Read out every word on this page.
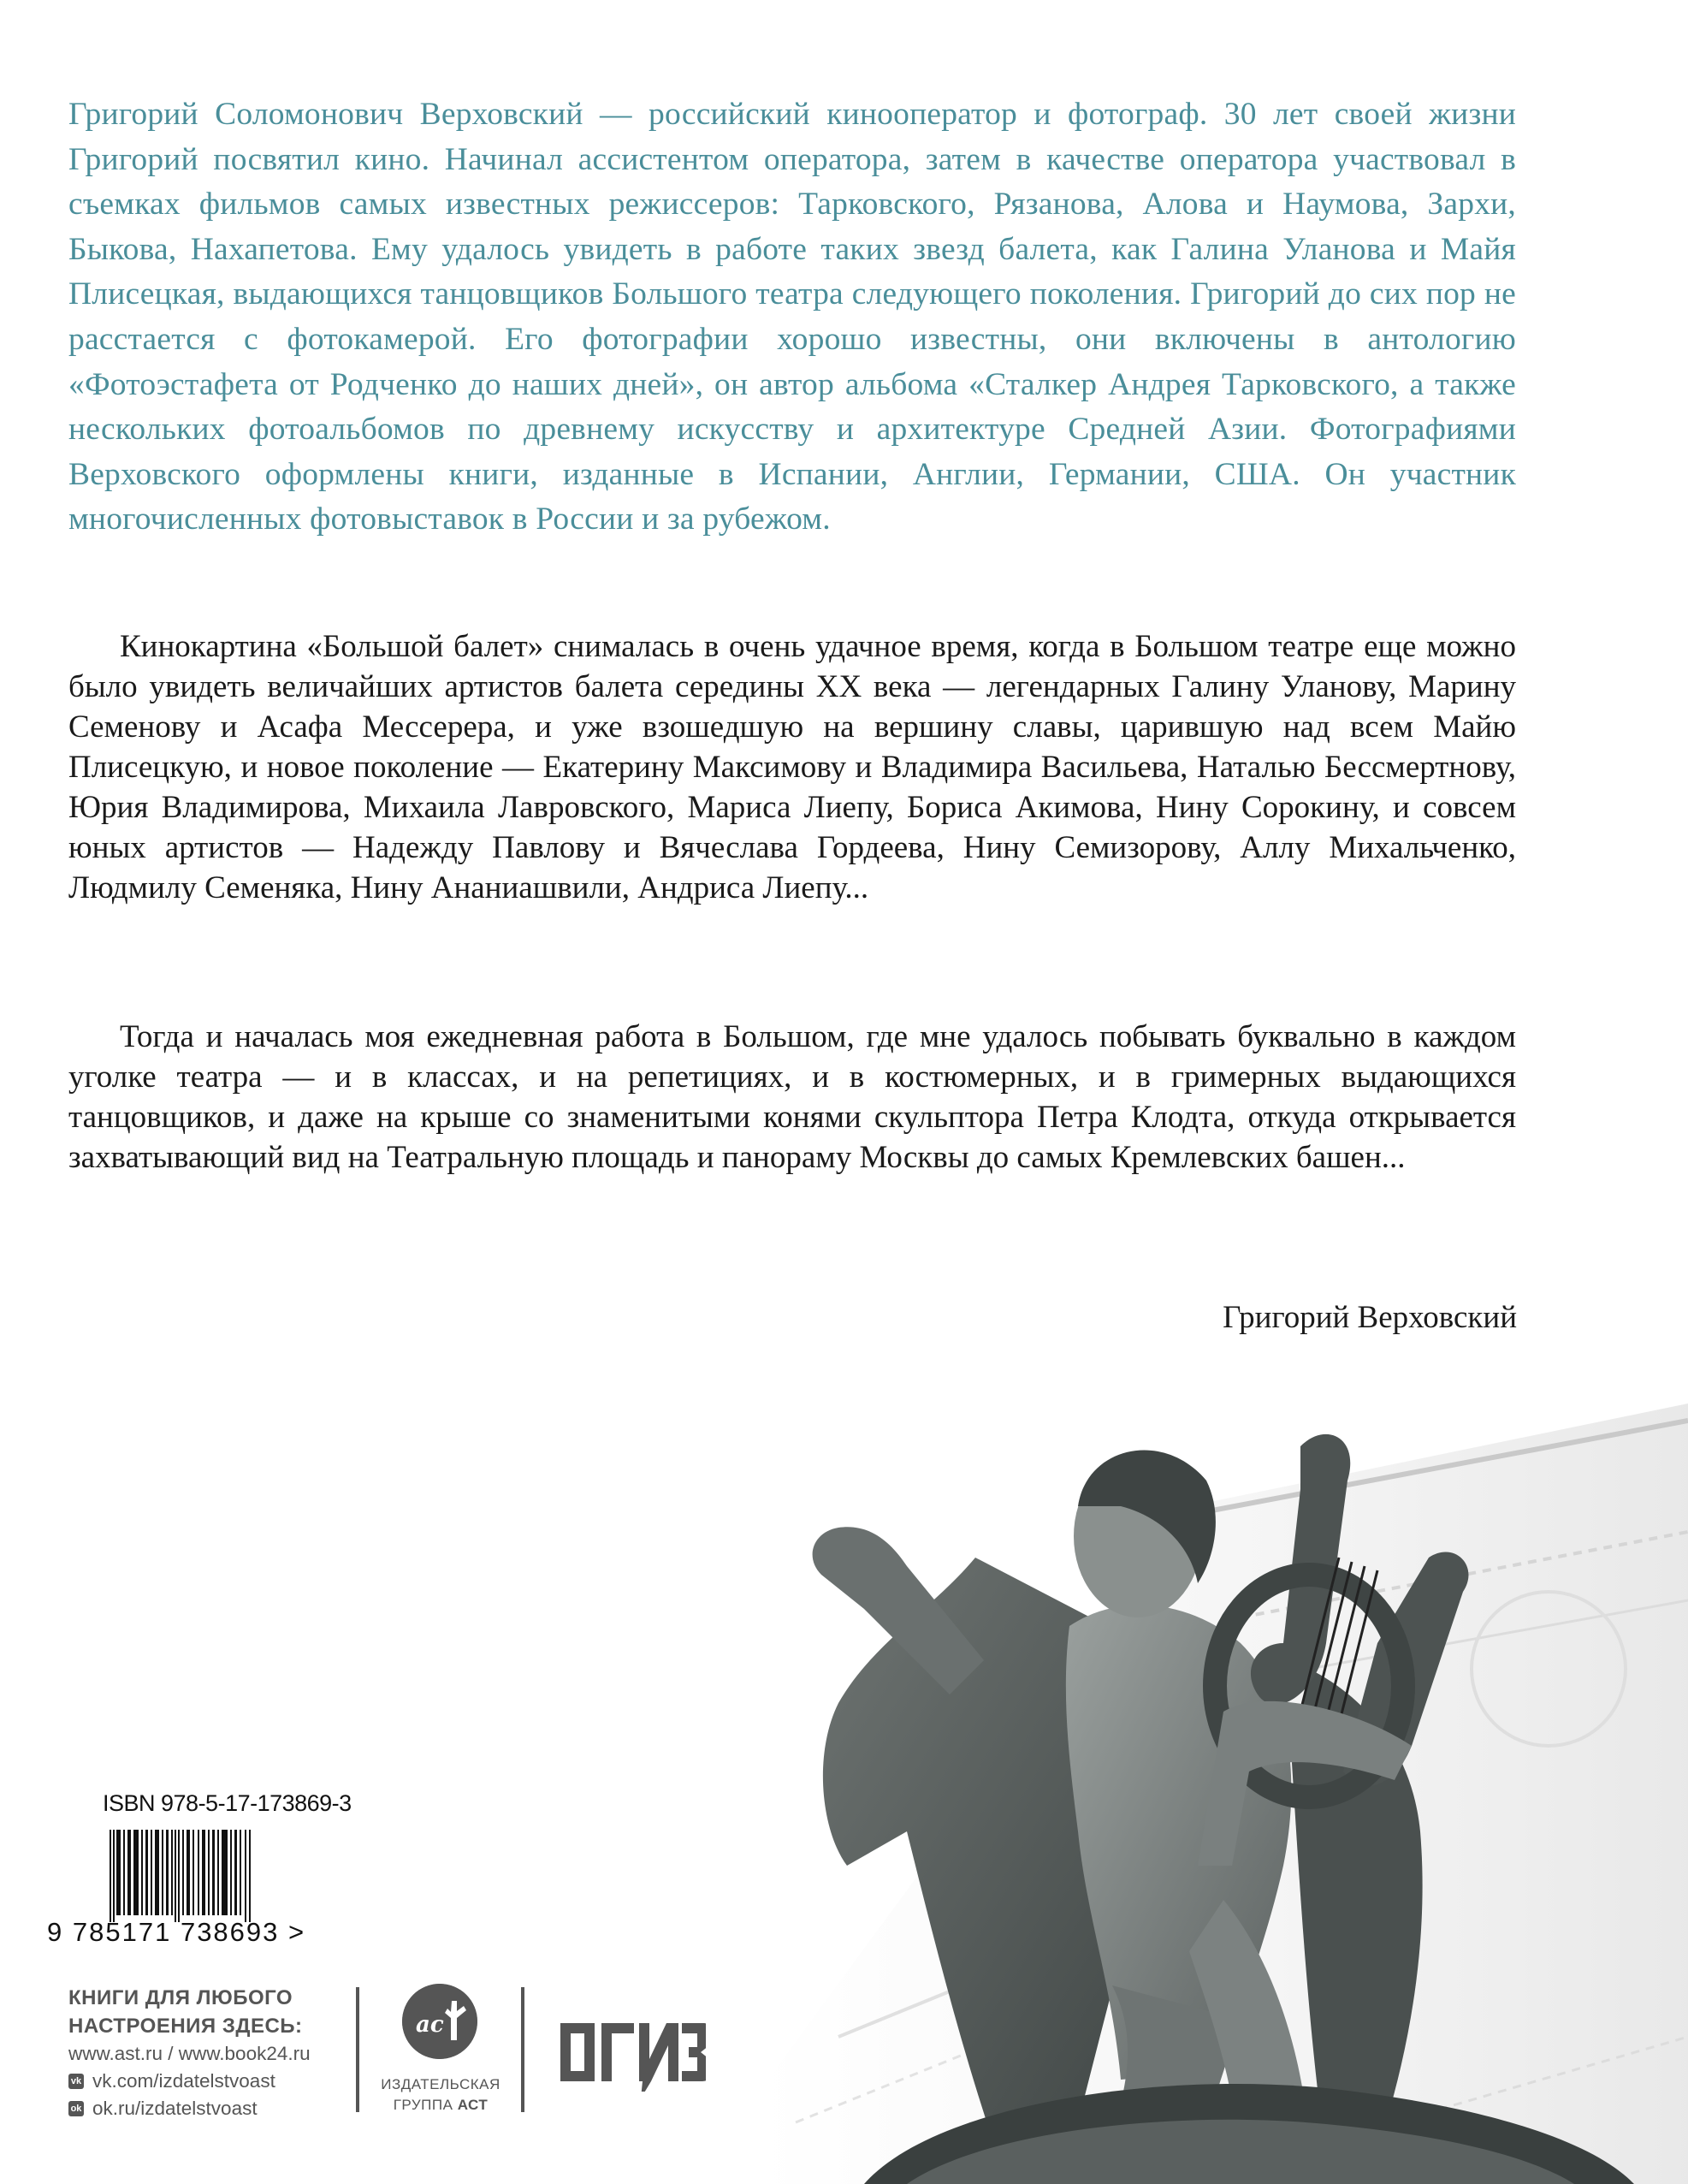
Григорий Соломонович Верховский — российский кинооператор и фотограф. 30 лет своей жизни Григорий посвятил кино. Начинал ассистентом оператора, затем в качестве оператора участвовал в съемках фильмов самых известных режиссеров: Тарковского, Рязанова, Алова и Наумова, Зархи, Быкова, Нахапетова. Ему удалось увидеть в работе таких звезд балета, как Галина Уланова и Майя Плисецкая, выдающихся танцовщиков Большого театра следующего поколения. Григорий до сих пор не расстается с фотокамерой. Его фотографии хорошо известны, они включены в антологию «Фотоэстафета от Родченко до наших дней», он автор альбома «Сталкер Андрея Тарковского, а также нескольких фотоальбомов по древнему искусству и архитектуре Средней Азии. Фотографиями Верховского оформлены книги, изданные в Испании, Англии, Германии, США. Он участник многочисленных фотовыставок в России и за рубежом.
Кинокартина «Большой балет» снималась в очень удачное время, когда в Большом театре еще можно было увидеть величайших артистов балета середины XX века — легендарных Галину Уланову, Марину Семенову и Асафа Мессерера, и уже взошедшую на вершину славы, царившую над всем Майю Плисецкую, и новое поколение — Екатерину Максимову и Владимира Васильева, Наталью Бессмертнову, Юрия Владимирова, Михаила Лавровского, Мариса Лиепу, Бориса Акимова, Нину Сорокину, и совсем юных артистов — Надежду Павлову и Вячеслава Гордеева, Нину Семизорову, Аллу Михальченко, Людмилу Семеняка, Нину Ананиашвили, Андриса Лиепу...
Тогда и началась моя ежедневная работа в Большом, где мне удалось побывать буквально в каждом уголке театра — и в классах, и на репетициях, и в костюмерных, и в гримерных выдающихся танцовщиков, и даже на крыше со знаменитыми конями скульптора Петра Клодта, откуда открывается захватывающий вид на Театральную площадь и панораму Москвы до самых Кремлевских башен...
Григорий Верховский
ISBN 978-5-17-173869-3
9 785171 738693 >
КНИГИ ДЛЯ ЛЮБОГО
НАСТРОЕНИЯ ЗДЕСЬ:
www.ast.ru / www.book24.ru
vk vk.com/izdatelstvoast
ok ok.ru/izdatelstvoast
ac
ИЗДАТЕЛЬСКАЯ
ГРУППА АСТ
